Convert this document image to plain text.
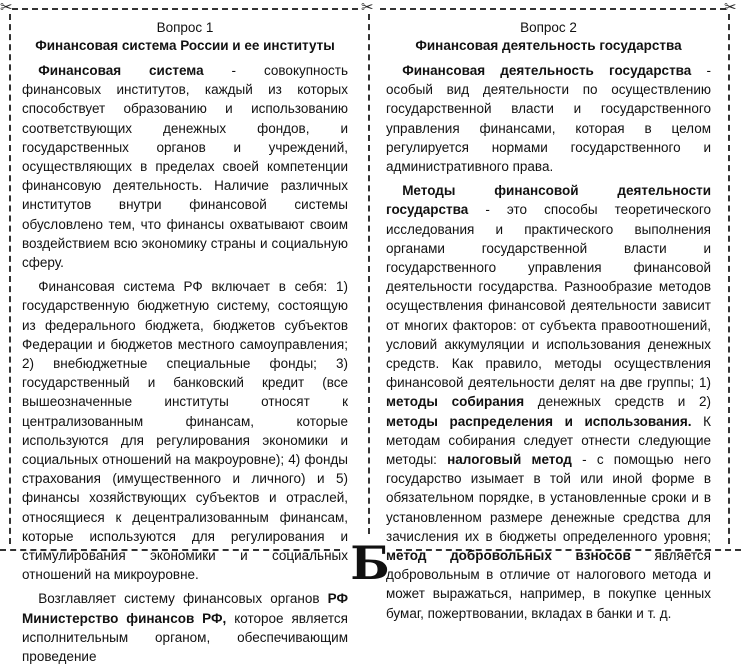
✂	✂	✂
Вопрос 1
Финансовая система России и ее институты
Финансовая система - совокупность финансовых институтов, каждый из которых способствует образованию и использованию соответствующих денежных фондов, и государственных органов и учреждений, осуществляющих в пределах своей компетенции финансовую деятельность. Наличие различных институтов внутри финансовой системы обусловлено тем, что финансы охватывают своим воздействием всю экономику страны и социальную сферу.
Финансовая система РФ включает в себя: 1) государственную бюджетную систему, состоящую из федерального бюджета, бюджетов субъектов Федерации и бюджетов местного самоуправления; 2) внебюджетные специальные фонды; 3) государственный и банковский кредит (все вышеозначенные институты относят к централизованным финансам, которые используются для регулирования экономики и социальных отношений на макроуровне); 4) фонды страхования (имущественного и личного) и 5) финансы хозяйствующих субъектов и отраслей, относящиеся к децентрализованным финансам, которые используются для регулирования и стимулирования экономики и социальных отношений на микроуровне.
Возглавляет систему финансовых органов РФ Министерство финансов РФ, которое является исполнительным органом, обеспечивающим проведение
Вопрос 2
Финансовая деятельность государства
Финансовая деятельность государства - особый вид деятельности по осуществлению государственной власти и государственного управления финансами, которая в целом регулируется нормами государственного и административного права.
Методы финансовой деятельности государства - это способы теоретического исследования и практического выполнения органами государственной власти и государственного управления финансовой деятельности государства. Разнообразие методов осуществления финансовой деятельности зависит от многих факторов: от субъекта правоотношений, условий аккумуляции и использования денежных средств. Как правило, методы осуществления финансовой деятельности делят на две группы; 1) методы собирания денежных средств и 2) методы распределения и использования. К методам собирания следует отнести следующие методы: налоговый метод - с помощью него государство изымает в той или иной форме в обязательном порядке, в установленные сроки и в установленном размере денежные средства для зачисления их в бюджеты определенного уровня; метод добровольных взносов является добровольным в отличие от налогового метода и может выражаться, например, в покупке ценных бумаг, пожертвовании, вкладах в банки и т. д.
Б
